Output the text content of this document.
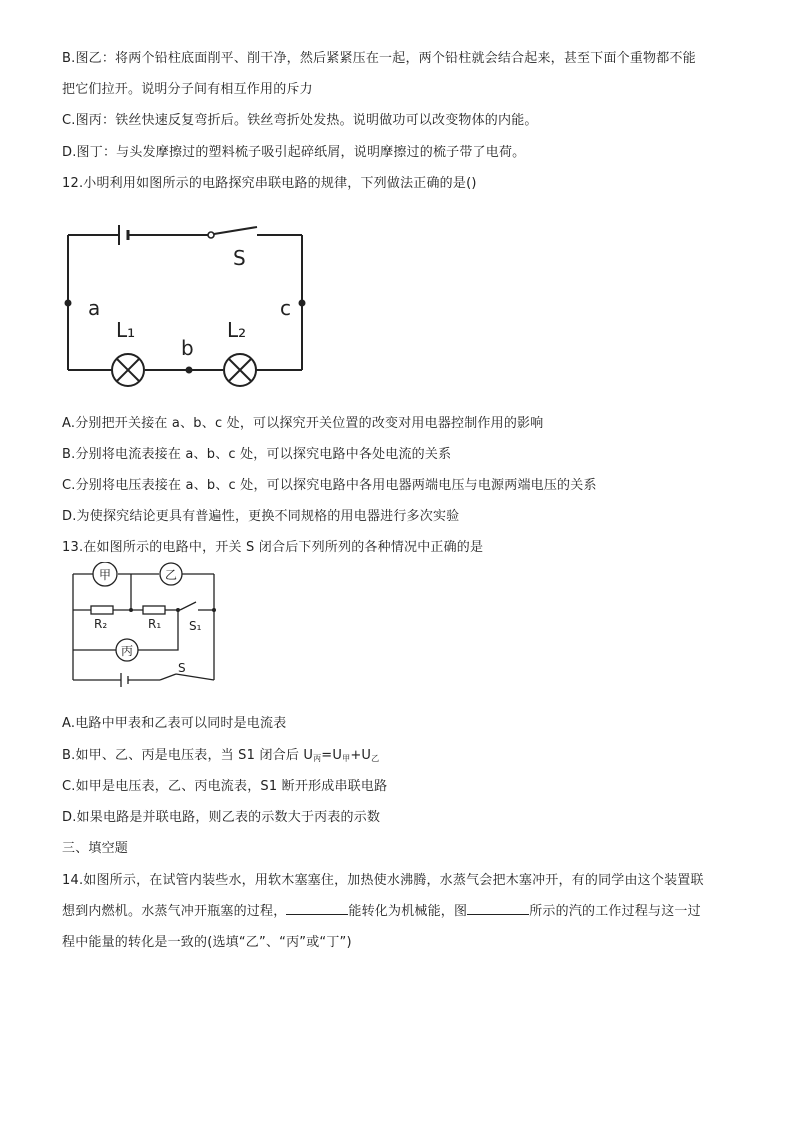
B.图乙：将两个铅柱底面削平、削干净，然后紧紧压在一起，两个铅柱就会结合起来，甚至下面个重物都不能
把它们拉开。说明分子间有相互作用的斥力
C.图丙：铁丝快速反复弯折后。铁丝弯折处发热。说明做功可以改变物体的内能。
D.图丁：与头发摩擦过的塑料梳子吸引起碎纸屑，说明摩擦过的梳子带了电荷。
12.小明利用如图所示的电路探究串联电路的规律，下列做法正确的是()
S
a
b
c
L₁	L₂
A.分别把开关接在 a、b、c 处，可以探究开关位置的改变对用电器控制作用的影响
B.分别将电流表接在 a、b、c 处，可以探究电路中各处电流的关系
C.分别将电压表接在 a、b、c 处，可以探究电路中各用电器两端电压与电源两端电压的关系
D.为使探究结论更具有普遍性，更换不同规格的用电器进行多次实验
13.在如图所示的电路中，开关 S 闭合后下列所列的各种情况中正确的是
甲	乙
丙
R₂	R₁ S₁
S
A.电路中甲表和乙表可以同时是电流表
B.如甲、乙、丙是电压表，当 S1 闭合后 $U_丙=U_甲+U_乙$
C.如甲是电压表，乙、丙电流表，S1 断开形成串联电路
D.如果电路是并联电路，则乙表的示数大于丙表的示数
三、填空题
14.如图所示，在试管内装些水，用软木塞塞住，加热使水沸腾，水蒸气会把木塞冲开，有的同学由这个装置联
想到内燃机。水蒸气冲开瓶塞的过程，	能转化为机械能，图	所示的汽的工作过程与这一过
程中能量的转化是一致的(选填“乙”、“丙”或“丁”)
